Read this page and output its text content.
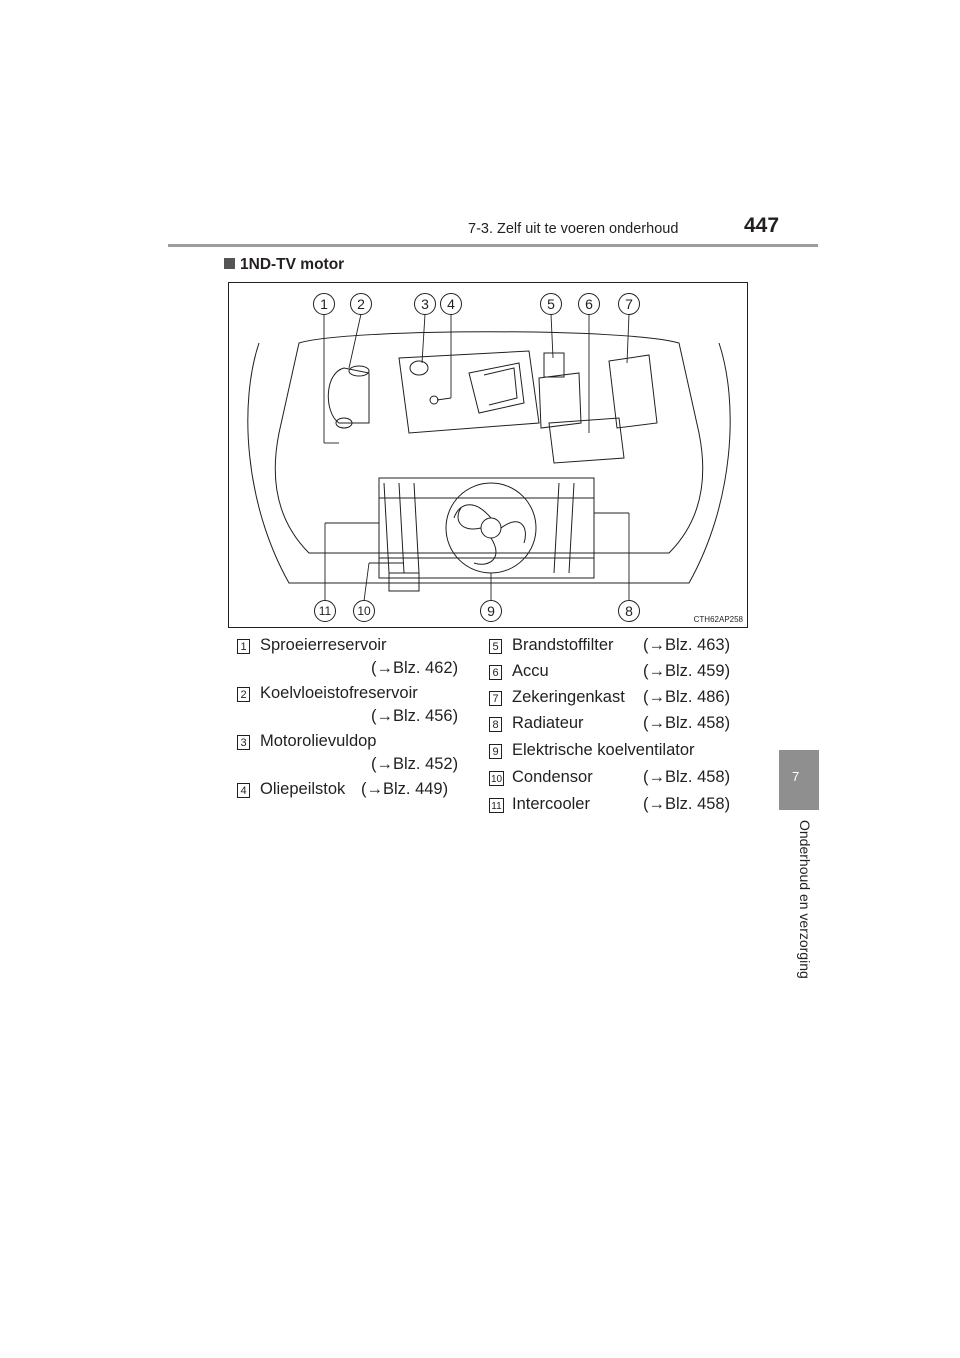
7-3. Zelf uit te voeren onderhoud	447
7
Onderhoud en verzorging
1ND-TV motor
1	2	3	4	5	6	7
8
9
10
11
CTH62AP258
1 Sproeierreservoir
(→Blz. 462)
2 Koelvloeistofreservoir
(→Blz. 456)
3 Motorolievuldop
(→Blz. 452)
4 Oliepeilstok (→Blz. 449)
5 Brandstoffilter (→Blz. 463)
6 Accu	(→Blz. 459)
7 Zekeringenkast (→Blz. 486)
8 Radiateur	(→Blz. 458)
9 Elektrische koelventilator
10 Condensor	(→Blz. 458)
11 Intercooler	(→Blz. 458)
